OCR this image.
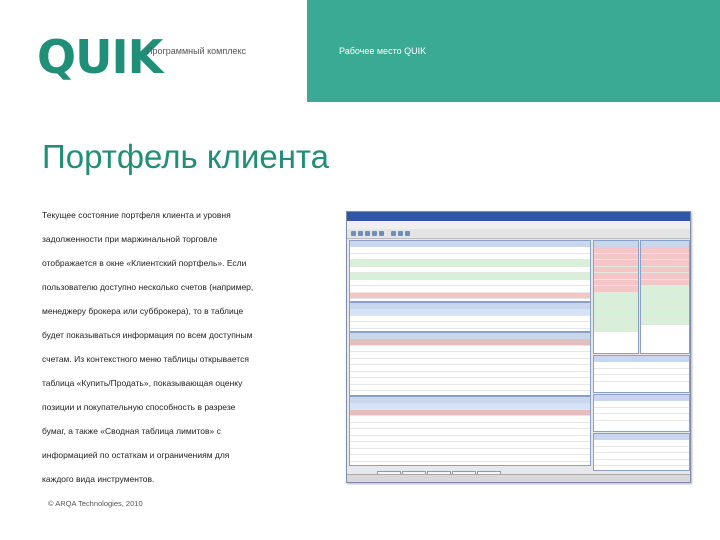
QUIK
Программный комплекс	Рабочее место QUIK
Портфель клиента
Текущее состояние портфеля клиента и уровня
задолженности при маржинальной торговле
отображается в окне «Клиентский портфель». Если
пользователю доступно несколько счетов (например,
менеджеру брокера или субброкера), то в таблице
будет показываться информация по всем доступным
счетам. Из контекстного меню таблицы открывается
таблица «Купить/Продать», показывающая оценку
позиции и покупательную способность в разрезе
бумаг, а также «Сводная таблица лимитов» с
информацией по остаткам и ограничениям для
каждого вида инструментов.
© ARQA Technologies, 2010
